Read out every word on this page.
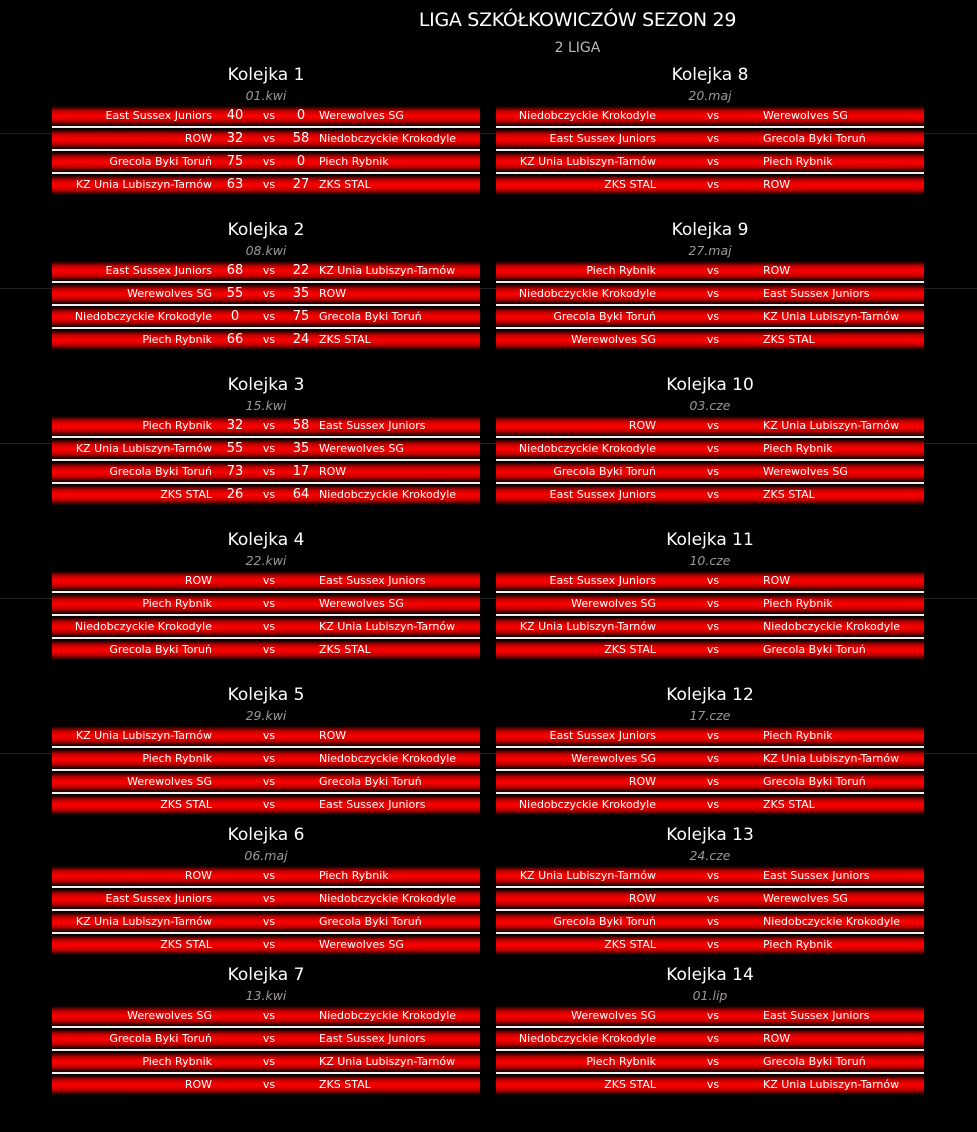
LIGA SZKÓŁKOWICZÓW SEZON 29
2 LIGA
Kolejka 1
01.kwi
East Sussex Juniors	40	vs	0	Werewolves SG
ROW	32	vs	58 Niedobczyckie Krokodyle
Grecola Byki Toruń	75	vs	0	Piech Rybnik
KZ Unia Lubiszyn-Tarnów	63	vs	27 ZKS STAL
Kolejka 8
20.maj
Niedobczyckie Krokodyle	vs	Werewolves SG
East Sussex Juniors	vs	Grecola Byki Toruń
KZ Unia Lubiszyn-Tarnów	vs	Piech Rybnik
ZKS STAL	vs	ROW
Kolejka 2
08.kwi
East Sussex Juniors	68	vs	22 KZ Unia Lubiszyn-Tarnów
Werewolves SG	55	vs	35 ROW
Niedobczyckie Krokodyle	0	vs	75 Grecola Byki Toruń
Piech Rybnik	66	vs	24 ZKS STAL
Kolejka 9
27.maj
Piech Rybnik	vs	ROW
Niedobczyckie Krokodyle	vs	East Sussex Juniors
Grecola Byki Toruń	vs	KZ Unia Lubiszyn-Tarnów
Werewolves SG	vs	ZKS STAL
Kolejka 3
15.kwi
Piech Rybnik	32	vs	58 East Sussex Juniors
KZ Unia Lubiszyn-Tarnów	55	vs	35 Werewolves SG
Grecola Byki Toruń	73	vs	17 ROW
ZKS STAL	26	vs	64 Niedobczyckie Krokodyle
Kolejka 10
03.cze
ROW	vs	KZ Unia Lubiszyn-Tarnów
Niedobczyckie Krokodyle	vs	Piech Rybnik
Grecola Byki Toruń	vs	Werewolves SG
East Sussex Juniors	vs	ZKS STAL
Kolejka 4
22.kwi
ROW	vs	East Sussex Juniors
Piech Rybnik	vs	Werewolves SG
Niedobczyckie Krokodyle	vs	KZ Unia Lubiszyn-Tarnów
Grecola Byki Toruń	vs	ZKS STAL
Kolejka 11
10.cze
East Sussex Juniors	vs	ROW
Werewolves SG	vs	Piech Rybnik
KZ Unia Lubiszyn-Tarnów	vs	Niedobczyckie Krokodyle
ZKS STAL	vs	Grecola Byki Toruń
Kolejka 5
29.kwi
KZ Unia Lubiszyn-Tarnów	vs	ROW
Piech Rybnik	vs	Niedobczyckie Krokodyle
Werewolves SG	vs	Grecola Byki Toruń
ZKS STAL	vs	East Sussex Juniors
Kolejka 12
17.cze
East Sussex Juniors	vs	Piech Rybnik
Werewolves SG	vs	KZ Unia Lubiszyn-Tarnów
ROW	vs	Grecola Byki Toruń
Niedobczyckie Krokodyle	vs	ZKS STAL
Kolejka 6
06.maj
ROW	vs	Piech Rybnik
East Sussex Juniors	vs	Niedobczyckie Krokodyle
KZ Unia Lubiszyn-Tarnów	vs	Grecola Byki Toruń
ZKS STAL	vs	Werewolves SG
Kolejka 13
24.cze
KZ Unia Lubiszyn-Tarnów	vs	East Sussex Juniors
ROW	vs	Werewolves SG
Grecola Byki Toruń	vs	Niedobczyckie Krokodyle
ZKS STAL	vs	Piech Rybnik
Kolejka 7
13.kwi
Werewolves SG	vs	Niedobczyckie Krokodyle
Grecola Byki Toruń	vs	East Sussex Juniors
Piech Rybnik	vs	KZ Unia Lubiszyn-Tarnów
ROW	vs	ZKS STAL
Kolejka 14
01.lip
Werewolves SG	vs	East Sussex Juniors
Niedobczyckie Krokodyle	vs	ROW
Piech Rybnik	vs	Grecola Byki Toruń
ZKS STAL	vs	KZ Unia Lubiszyn-Tarnów
